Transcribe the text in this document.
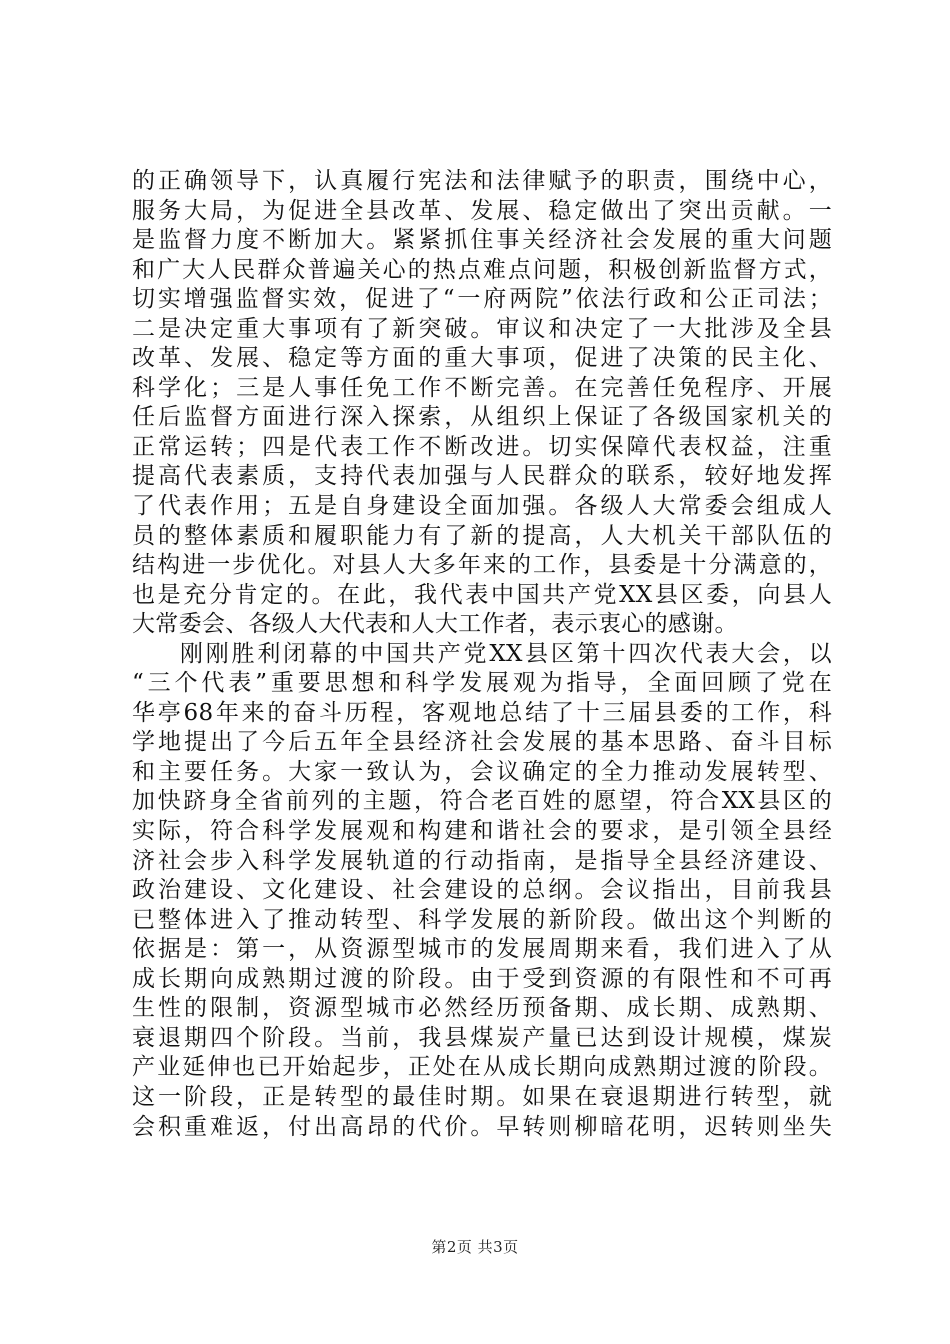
的正确领导下，认真履行宪法和法律赋予的职责，围绕中心，
服务大局，为促进全县改革、发展、稳定做出了突出贡献。一
是监督力度不断加大。紧紧抓住事关经济社会发展的重大问题
和广大人民群众普遍关心的热点难点问题，积极创新监督方式，
切实增强监督实效，促进了“一府两院”依法行政和公正司法；
二是决定重大事项有了新突破。审议和决定了一大批涉及全县
改革、发展、稳定等方面的重大事项，促进了决策的民主化、
科学化；三是人事任免工作不断完善。在完善任免程序、开展
任后监督方面进行深入探索，从组织上保证了各级国家机关的
正常运转；四是代表工作不断改进。切实保障代表权益，注重
提高代表素质，支持代表加强与人民群众的联系，较好地发挥
了代表作用；五是自身建设全面加强。各级人大常委会组成人
员的整体素质和履职能力有了新的提高，人大机关干部队伍的
结构进一步优化。对县人大多年来的工作，县委是十分满意的，
也是充分肯定的。在此，我代表中国共产党XX县区委，向县人
大常委会、各级人大代表和人大工作者，表示衷心的感谢。
刚刚胜利闭幕的中国共产党XX县区第十四次代表大会，以
“三个代表”重要思想和科学发展观为指导，全面回顾了党在
华亭68年来的奋斗历程，客观地总结了十三届县委的工作，科
学地提出了今后五年全县经济社会发展的基本思路、奋斗目标
和主要任务。大家一致认为，会议确定的全力推动发展转型、
加快跻身全省前列的主题，符合老百姓的愿望，符合XX县区的
实际，符合科学发展观和构建和谐社会的要求，是引领全县经
济社会步入科学发展轨道的行动指南，是指导全县经济建设、
政治建设、文化建设、社会建设的总纲。会议指出，目前我县
已整体进入了推动转型、科学发展的新阶段。做出这个判断的
依据是：第一，从资源型城市的发展周期来看，我们进入了从
成长期向成熟期过渡的阶段。由于受到资源的有限性和不可再
生性的限制，资源型城市必然经历预备期、成长期、成熟期、
衰退期四个阶段。当前，我县煤炭产量已达到设计规模，煤炭
产业延伸也已开始起步，正处在从成长期向成熟期过渡的阶段。
这一阶段，正是转型的最佳时期。如果在衰退期进行转型，就
会积重难返，付出高昂的代价。早转则柳暗花明，迟转则坐失
第2页 共3页
